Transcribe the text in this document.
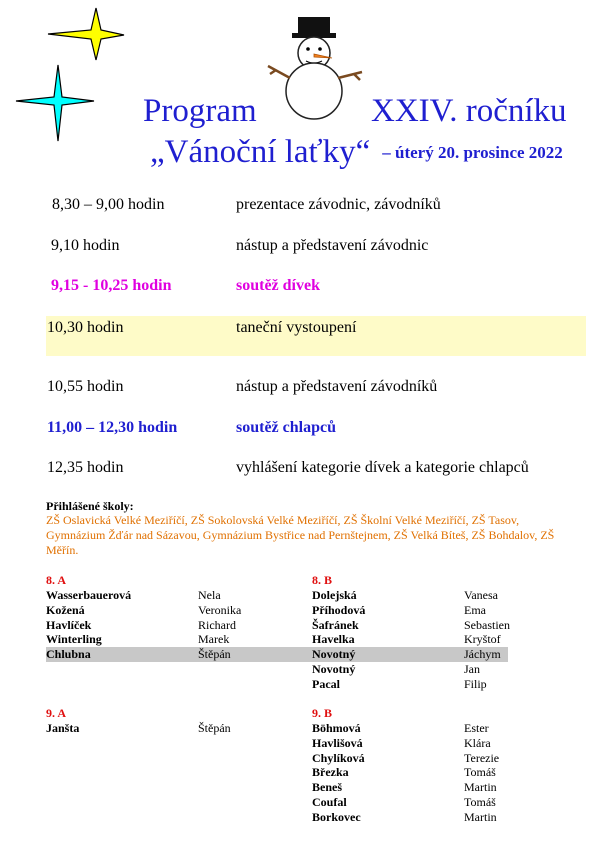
Program	XXIV. ročníku
„Vánoční laťky“ – úterý 20. prosince 2022
8,30 – 9,00 hodin	prezentace závodnic, závodníků
9,10 hodin	nástup a představení závodnic
9,15 - 10,25 hodin	soutěž dívek
10,30 hodin	taneční vystoupení
10,55 hodin	nástup a představení závodníků
11,00 – 12,30 hodin	soutěž chlapců
12,35 hodin	vyhlášení kategorie dívek a kategorie chlapců
Přihlášené školy:
ZŠ Oslavická Velké Meziříčí, ZŠ Sokolovská Velké Meziříčí, ZŠ Školní Velké Meziříčí, ZŠ Tasov, Gymnázium Žďár nad Sázavou, Gymnázium Bystřice nad Pernštejnem, ZŠ Velká Bíteš, ZŠ Bohdalov, ZŠ Měřín.
8. A
Wasserbauerová	Nela
Kožená	Veronika
Havlíček	Richard
Winterling	Marek
Chlubna	Štěpán
8. B
Dolejská	Vanesa
Příhodová	Ema
Šafránek	Sebastien
Havelka	Kryštof
Novotný	Jáchym
Novotný	Jan
Pacal	Filip
9. A
Janšta	Štěpán
9. B
Böhmová	Ester
Havlišová	Klára
Chylíková	Terezie
Březka	Tomáš
Beneš	Martin
Coufal	Tomáš
Borkovec	Martin
